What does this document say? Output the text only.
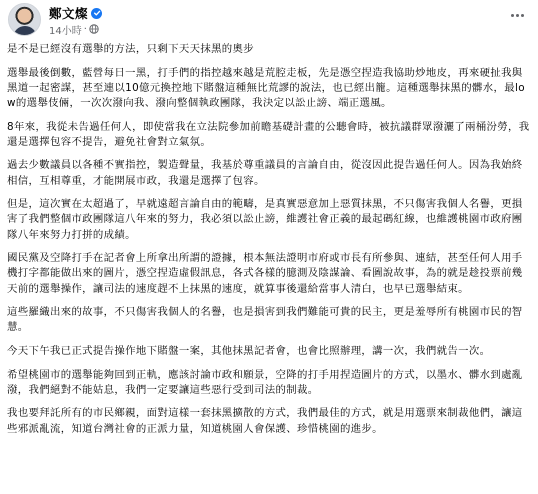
鄭文燦
14小時 ·

是不是已經沒有選舉的方法，只剩下天天抹黑的奧步

選舉最後倒數，藍營每日一黑，打手們的指控越來越是荒腔走板，先是憑空捏造我協助炒地皮，再來硬扯我與黑道一起密謀，甚至連以10億元換控地下賭盤這種無比荒謬的說法，也已經出籠。這種選舉抹黑的髒水，最low的選舉伎倆，一次次潑向我、潑向整個執政團隊，我決定以訟止謗、端正選風。

8年來，我從未告過任何人，即使當我在立法院參加前瞻基礎計畫的公聽會時，被抗議群眾潑灑了兩桶汾勞，我還是選擇包容不提告，避免社會對立氣氛。

過去少數議員以各種不實指控，製造聲量，我基於尊重議員的言論自由，從沒因此提告過任何人。因為我始終相信，互相尊重，才能開展市政，我還是選擇了包容。

但是，這次實在太超過了，早就遠超言論自由的範疇，是真實惡意加上惡質抹黑，不只傷害我個人名譽，更損害了我們整個市政團隊這八年來的努力，我必須以訟止謗，維護社會正義的最起碼紅線，也維護桃園市政府團隊八年來努力打拼的成績。

國民黨及空降打手在記者會上所拿出所謂的證據，根本無法證明市府或市長有所參與、連結，甚至任何人用手機打字都能做出來的圖片，憑空捏造虛假訊息，各式各樣的臆測及陰謀論、看圖說故事，為的就是趁投票前幾天前的選舉操作，讓司法的速度趕不上抹黑的速度，就算事後還給當事人清白，也早已選舉結束。

這些羅織出來的故事，不只傷害我個人的名譽，也是損害到我們難能可貴的民主，更是羞辱所有桃園市民的智慧。

今天下午我已正式提告操作地下賭盤一案，其他抹黑記者會，也會比照辦理，講一次，我們就告一次。

希望桃園市的選舉能夠回到正軌，應該討論市政和願景，空降的打手用捏造圖片的方式，以墨水、髒水到處亂潑，我們絕對不能姑息，我們一定要讓這些惡行受到司法的制裁。

我也要拜託所有的市民鄉親，面對這樣一套抹黑擴散的方式，我們最佳的方式，就是用選票來制裁他們，讓這些邪派亂流，知道台灣社會的正派力量，知道桃園人會保護、珍惜桃園的進步。
